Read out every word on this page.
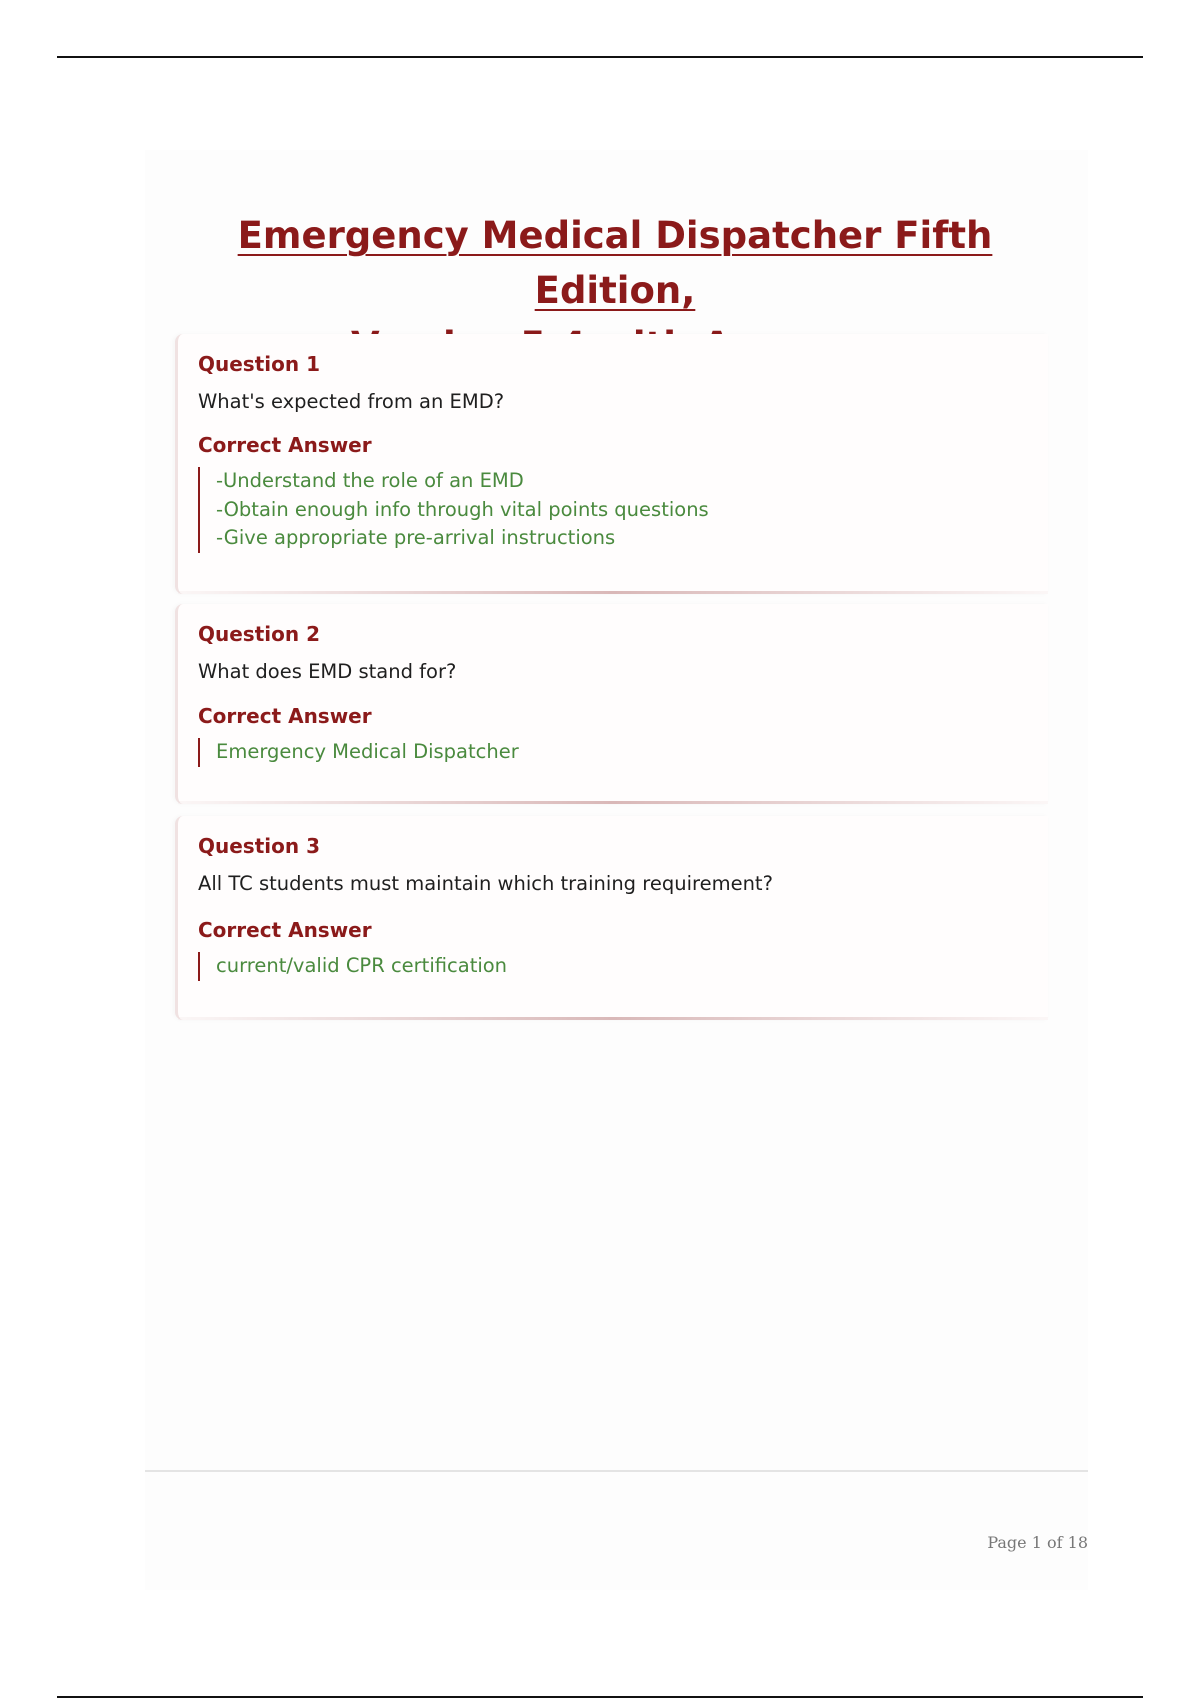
Emergency Medical Dispatcher Fifth Edition,

Question 1

What's expected from an EMD?

Correct Answer

-Understand the role of an EMD
-Obtain enough info through vital points questions
-Give appropriate pre-arrival instructions

Question 2

What does EMD stand for?

Correct Answer

Emergency Medical Dispatcher

Question 3

All TC students must maintain which training requirement?

Correct Answer

current/valid CPR certification

Page 1 of 18
